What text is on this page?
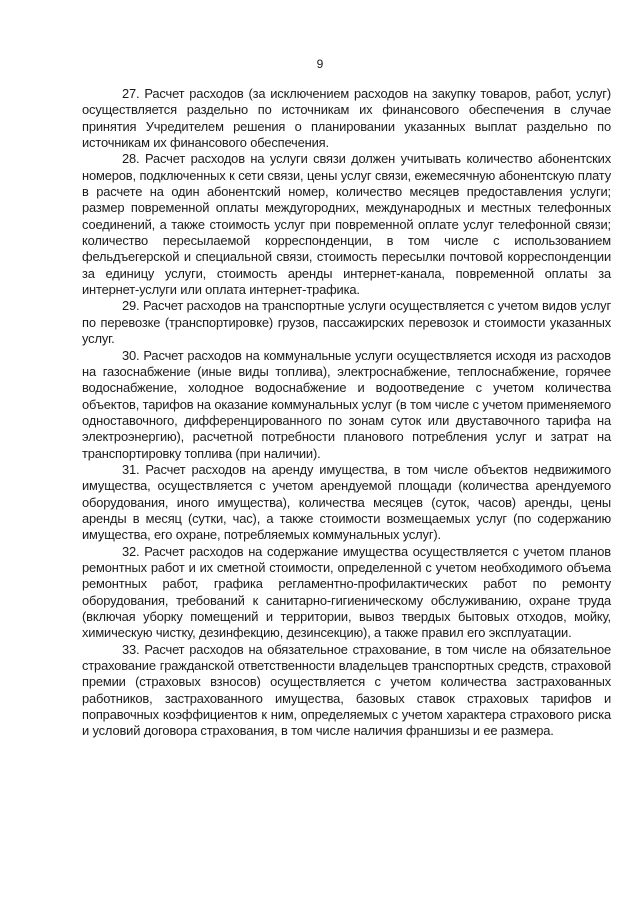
9

27. Расчет расходов (за исключением расходов на закупку товаров, работ, услуг) осуществляется раздельно по источникам их финансового обеспечения в случае принятия Учредителем решения о планировании указанных выплат раздельно по источникам их финансового обеспечения.

28. Расчет расходов на услуги связи должен учитывать количество абонентских номеров, подключенных к сети связи, цены услуг связи, ежемесячную абонентскую плату в расчете на один абонентский номер, количество месяцев предоставления услуги; размер повременной оплаты междугородних, международных и местных телефонных соединений, а также стоимость услуг при повременной оплате услуг телефонной связи; количество пересылаемой корреспонденции, в том числе с использованием фельдъегерской и специальной связи, стоимость пересылки почтовой корреспонденции за единицу услуги, стоимость аренды интернет-канала, повременной оплаты за интернет-услуги или оплата интернет-трафика.

29. Расчет расходов на транспортные услуги осуществляется с учетом видов услуг по перевозке (транспортировке) грузов, пассажирских перевозок и стоимости указанных услуг.

30. Расчет расходов на коммунальные услуги осуществляется исходя из расходов на газоснабжение (иные виды топлива), электроснабжение, теплоснабжение, горячее водоснабжение, холодное водоснабжение и водоотведение с учетом количества объектов, тарифов на оказание коммунальных услуг (в том числе с учетом применяемого одноставочного, дифференцированного по зонам суток или двуставочного тарифа на электроэнергию), расчетной потребности планового потребления услуг и затрат на транспортировку топлива (при наличии).

31. Расчет расходов на аренду имущества, в том числе объектов недвижимого имущества, осуществляется с учетом арендуемой площади (количества арендуемого оборудования, иного имущества), количества месяцев (суток, часов) аренды, цены аренды в месяц (сутки, час), а также стоимости возмещаемых услуг (по содержанию имущества, его охране, потребляемых коммунальных услуг).

32. Расчет расходов на содержание имущества осуществляется с учетом планов ремонтных работ и их сметной стоимости, определенной с учетом необходимого объема ремонтных работ, графика регламентно-профилактических работ по ремонту оборудования, требований к санитарно-гигиеническому обслуживанию, охране труда (включая уборку помещений и территории, вывоз твердых бытовых отходов, мойку, химическую чистку, дезинфекцию, дезинсекцию), а также правил его эксплуатации.

33. Расчет расходов на обязательное страхование, в том числе на обязательное страхование гражданской ответственности владельцев транспортных средств, страховой премии (страховых взносов) осуществляется с учетом количества застрахованных работников, застрахованного имущества, базовых ставок страховых тарифов и поправочных коэффициентов к ним, определяемых с учетом характера страхового риска и условий договора страхования, в том числе наличия франшизы и ее размера.
